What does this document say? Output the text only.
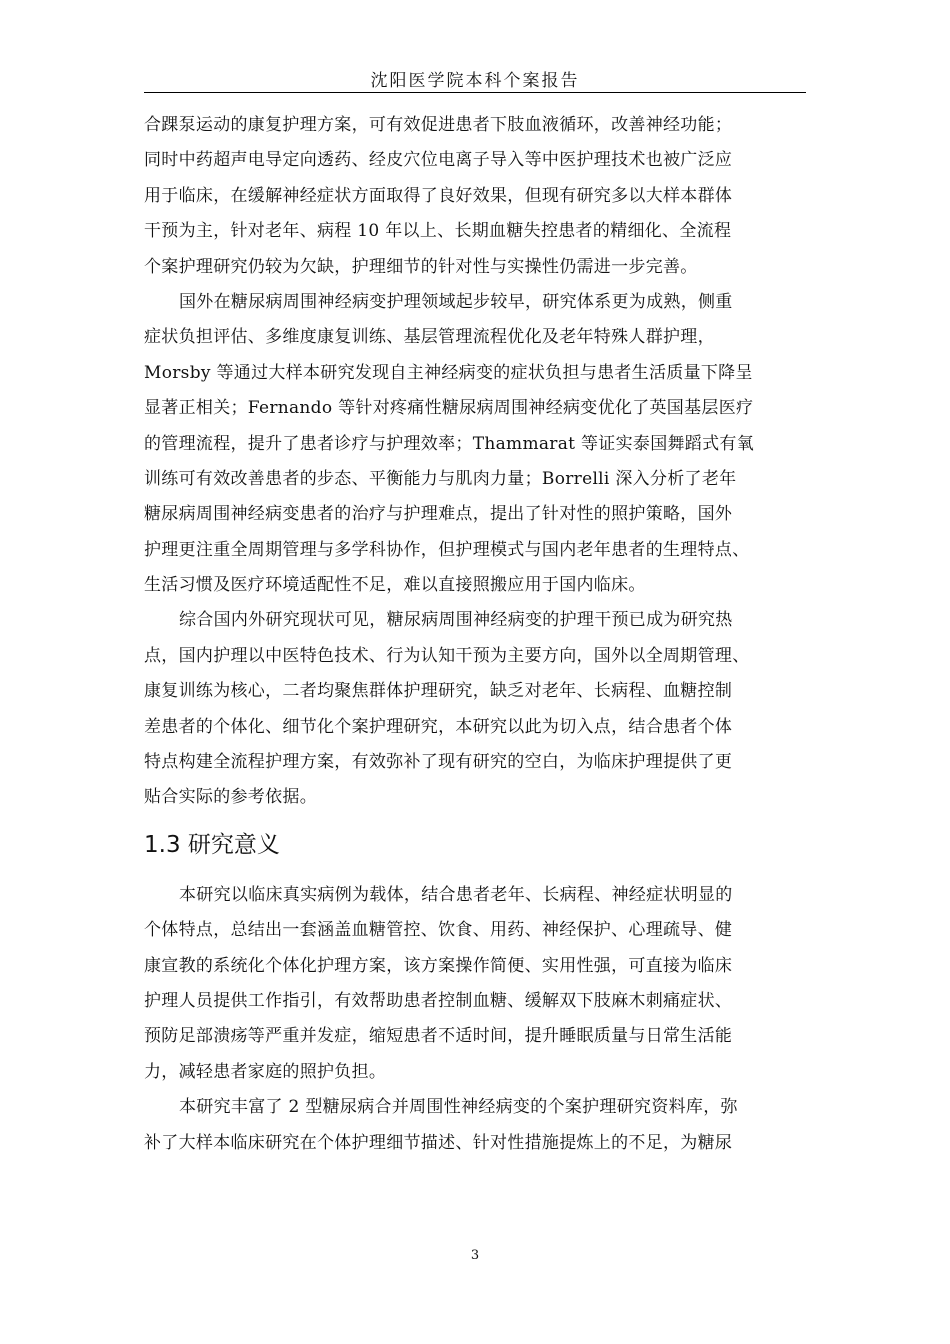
沈阳医学院本科个案报告
合踝泵运动的康复护理方案，可有效促进患者下肢血液循环，改善神经功能；
同时中药超声电导定向透药、经皮穴位电离子导入等中医护理技术也被广泛应
用于临床，在缓解神经症状方面取得了良好效果，但现有研究多以大样本群体
干预为主，针对老年、病程 10 年以上、长期血糖失控患者的精细化、全流程
个案护理研究仍较为欠缺，护理细节的针对性与实操性仍需进一步完善。
国外在糖尿病周围神经病变护理领域起步较早，研究体系更为成熟，侧重
症状负担评估、多维度康复训练、基层管理流程优化及老年特殊人群护理，
Morsby 等通过大样本研究发现自主神经病变的症状负担与患者生活质量下降呈
显著正相关；Fernando 等针对疼痛性糖尿病周围神经病变优化了英国基层医疗
的管理流程，提升了患者诊疗与护理效率；Thammarat 等证实泰国舞蹈式有氧
训练可有效改善患者的步态、平衡能力与肌肉力量；Borrelli 深入分析了老年
糖尿病周围神经病变患者的治疗与护理难点，提出了针对性的照护策略，国外
护理更注重全周期管理与多学科协作，但护理模式与国内老年患者的生理特点、
生活习惯及医疗环境适配性不足，难以直接照搬应用于国内临床。
综合国内外研究现状可见，糖尿病周围神经病变的护理干预已成为研究热
点，国内护理以中医特色技术、行为认知干预为主要方向，国外以全周期管理、
康复训练为核心，二者均聚焦群体护理研究，缺乏对老年、长病程、血糖控制
差患者的个体化、细节化个案护理研究，本研究以此为切入点，结合患者个体
特点构建全流程护理方案，有效弥补了现有研究的空白，为临床护理提供了更
贴合实际的参考依据。
1.3 研究意义
本研究以临床真实病例为载体，结合患者老年、长病程、神经症状明显的
个体特点，总结出一套涵盖血糖管控、饮食、用药、神经保护、心理疏导、健
康宣教的系统化个体化护理方案，该方案操作简便、实用性强，可直接为临床
护理人员提供工作指引，有效帮助患者控制血糖、缓解双下肢麻木刺痛症状、
预防足部溃疡等严重并发症，缩短患者不适时间，提升睡眠质量与日常生活能
力，减轻患者家庭的照护负担。
本研究丰富了 2 型糖尿病合并周围性神经病变的个案护理研究资料库，弥
补了大样本临床研究在个体护理细节描述、针对性措施提炼上的不足，为糖尿
3
